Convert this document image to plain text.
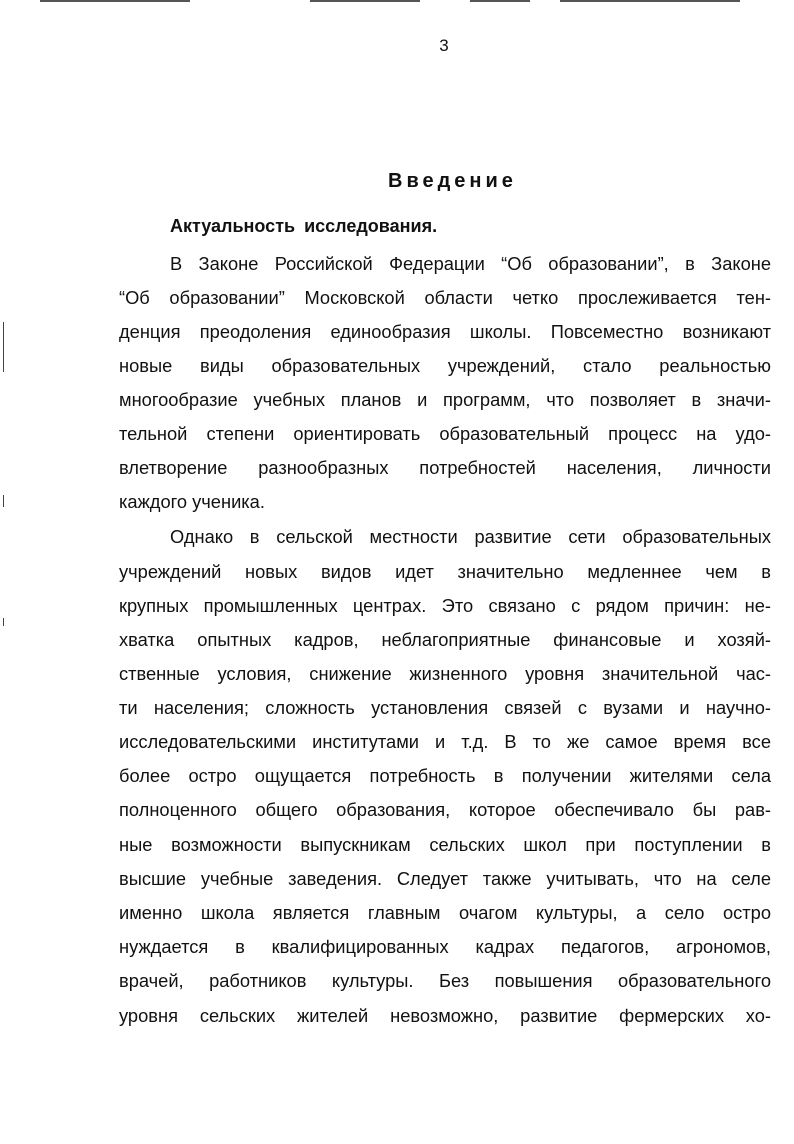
3
Введение
Актуальность исследования.
В Законе Российской Федерации “Об образовании”, в Законе
“Об образовании” Московской области четко прослеживается тен-
денция преодоления единообразия школы. Повсеместно возникают
новые виды образовательных учреждений, стало реальностью
многообразие учебных планов и программ, что позволяет в значи-
тельной степени ориентировать образовательный процесс на удо-
влетворение разнообразных потребностей населения, личности
каждого ученика.
Однако в сельской местности развитие сети образовательных
учреждений новых видов идет значительно медленнее чем в
крупных промышленных центрах. Это связано с рядом причин: не-
хватка опытных кадров, неблагоприятные финансовые и хозяй-
ственные условия, снижение жизненного уровня значительной час-
ти населения; сложность установления связей с вузами и научно-
исследовательскими институтами и т.д. В то же самое время все
более остро ощущается потребность в получении жителями села
полноценного общего образования, которое обеспечивало бы рав-
ные возможности выпускникам сельских школ при поступлении в
высшие учебные заведения. Следует также учитывать, что на селе
именно школа является главным очагом культуры, а село остро
нуждается в квалифицированных кадрах педагогов, агрономов,
врачей, работников культуры. Без повышения образовательного
уровня сельских жителей невозможно, развитие фермерских хо-
